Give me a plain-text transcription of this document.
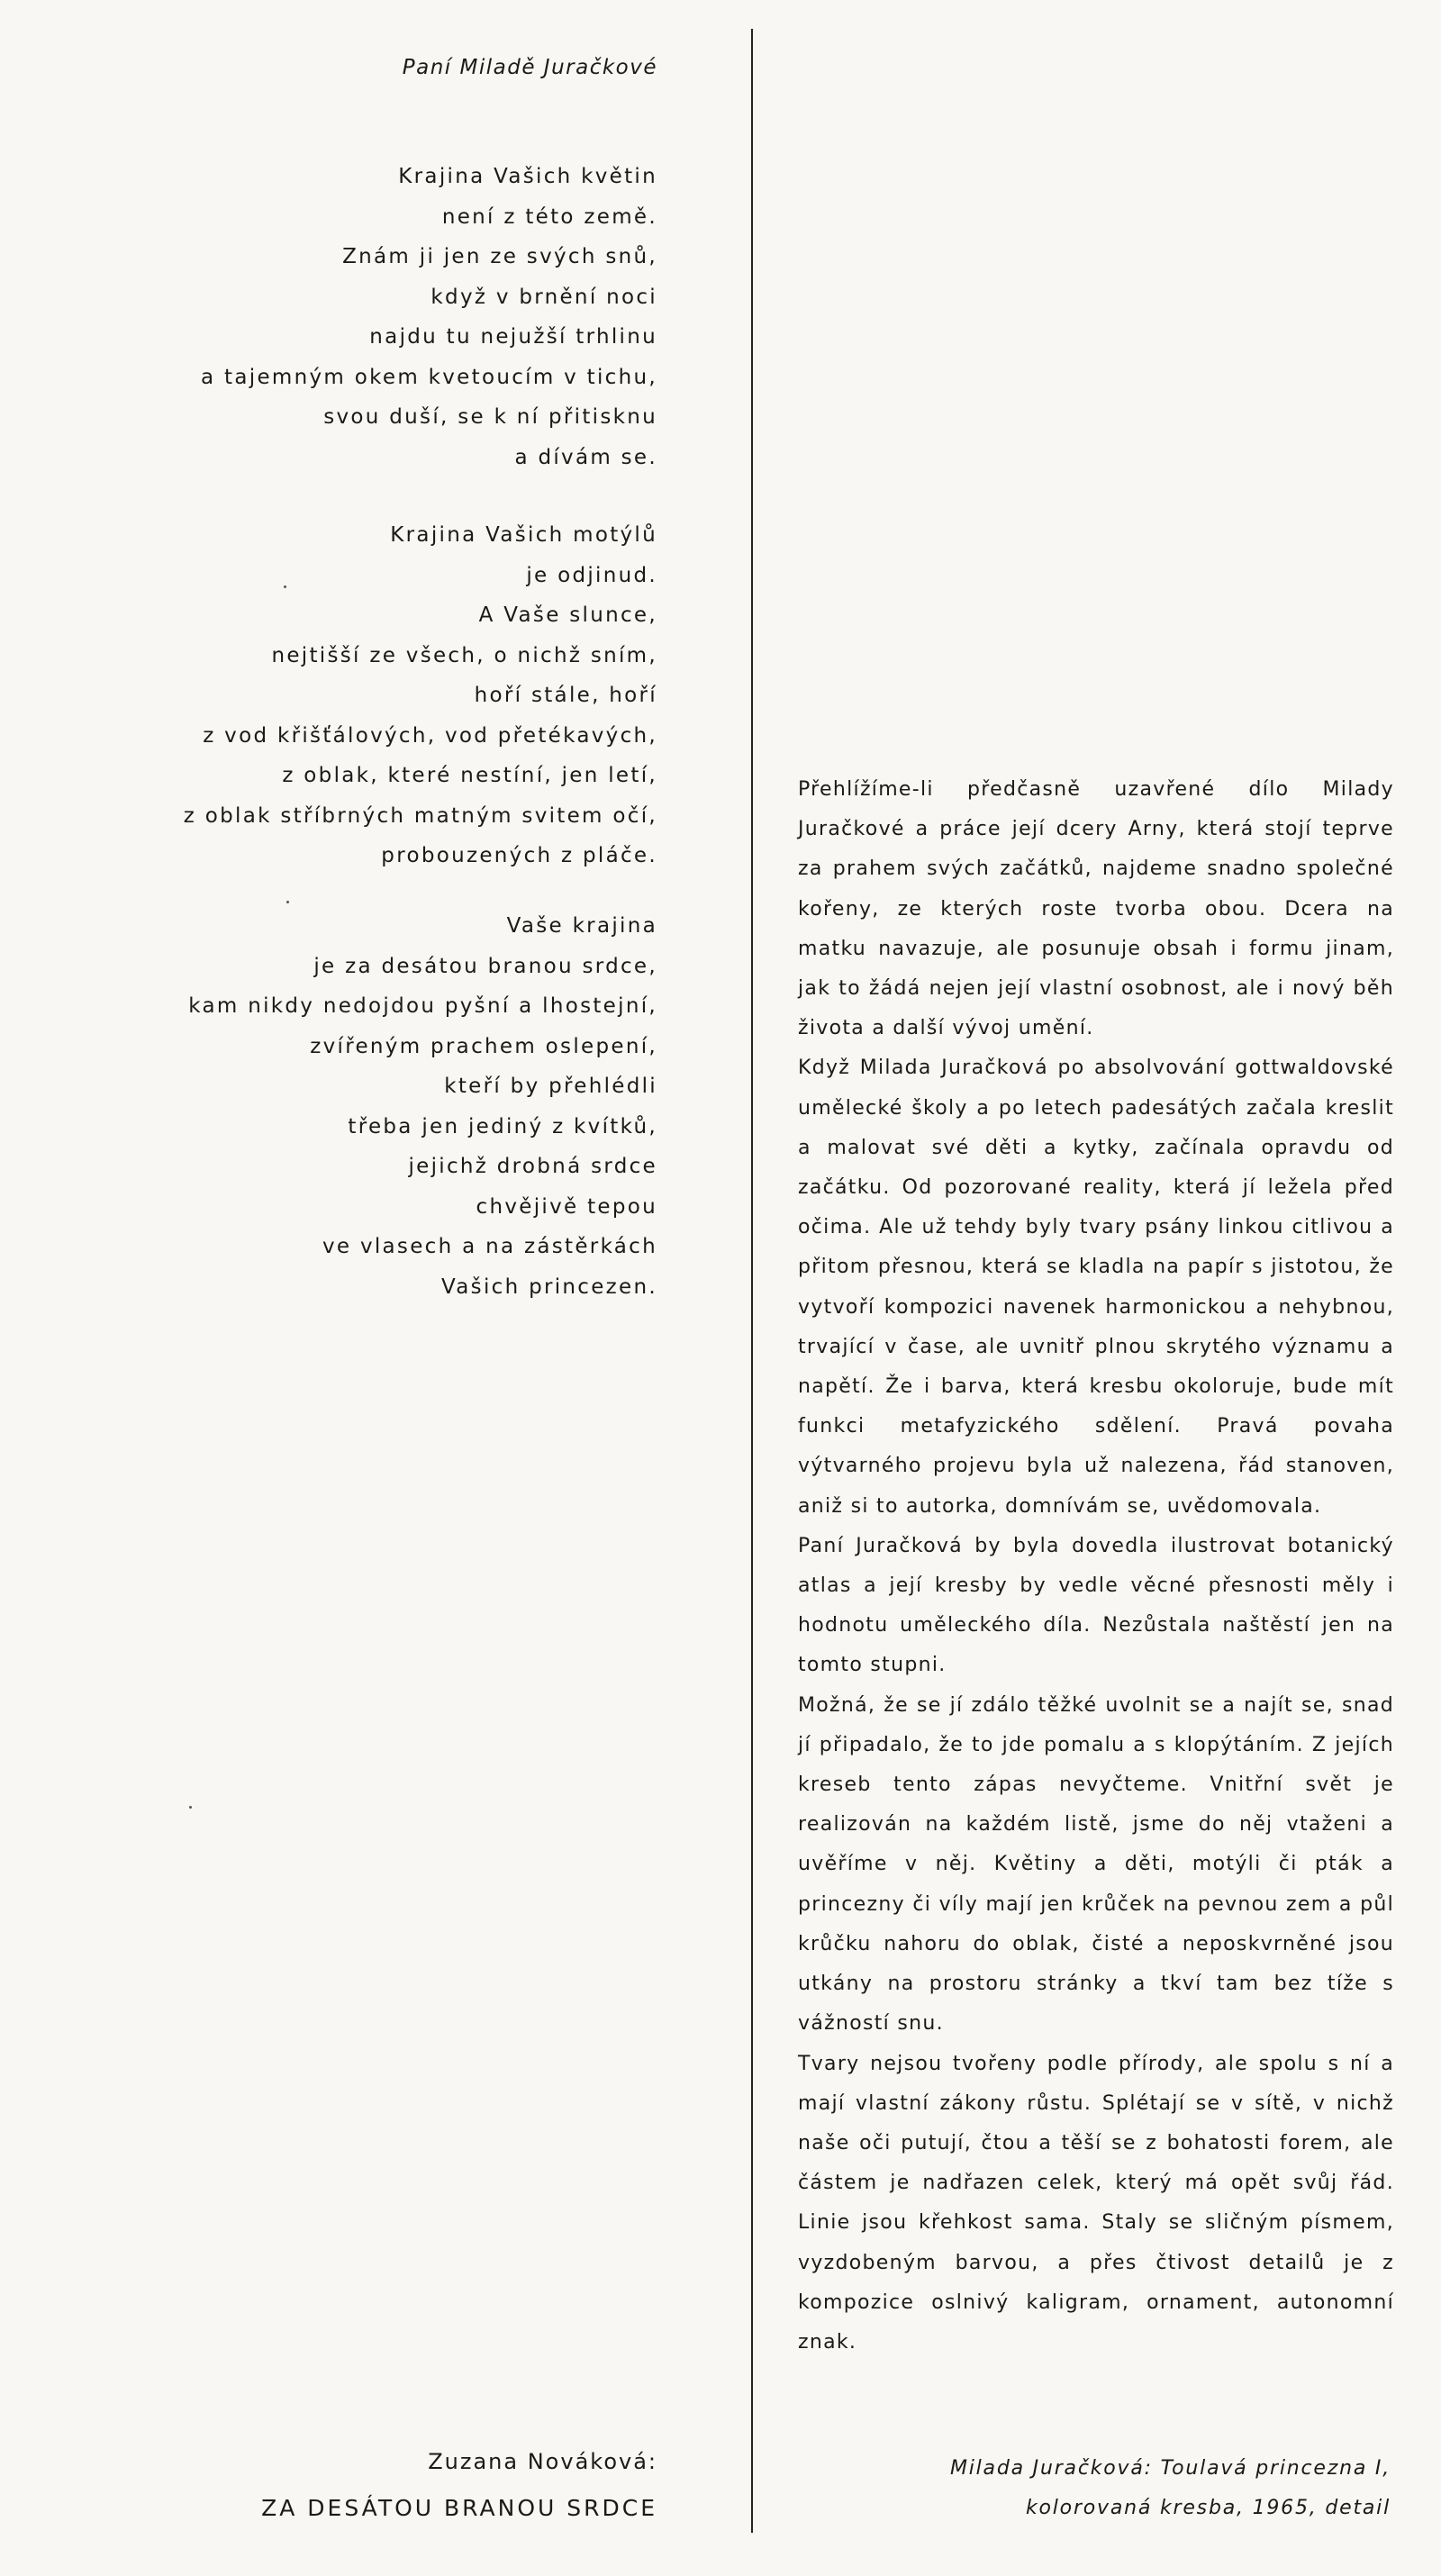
Paní Miladě Juračkové
Krajina Vašich květin
není z této země.
Znám ji jen ze svých snů,
když v brnění noci
najdu tu nejužší trhlinu
a tajemným okem kvetoucím v tichu,
svou duší, se k ní přitisknu
a dívám se.
Krajina Vašich motýlů
je odjinud.
A Vaše slunce,
nejtišší ze všech, o nichž sním,
hoří stále, hoří
z vod křišťálových, vod přetékavých,
z oblak, které nestíní, jen letí,
z oblak stříbrných matným svitem očí,
probouzených z pláče.
Vaše krajina
je za desátou branou srdce,
kam nikdy nedojdou pyšní a lhostejní,
zvířeným prachem oslepení,
kteří by přehlédli
třeba jen jediný z kvítků,
jejichž drobná srdce
chvějivě tepou
ve vlasech a na zástěrkách
Vašich princezen.

Přehlížíme-li předčasně uzavřené dílo Milady Juračkové a práce její dcery Arny, která stojí teprve za prahem svých začátků, najdeme snadno společné kořeny, ze kterých roste tvorba obou. Dcera na matku navazuje, ale posunuje obsah i formu jinam, jak to žádá nejen její vlastní osobnost, ale i nový běh života a další vývoj umění.

Když Milada Juračková po absolvování gottwaldovské umělecké školy a po letech padesátých začala kreslit a malovat své děti a kytky, začínala opravdu od začátku. Od pozorované reality, která jí ležela před očima. Ale už tehdy byly tvary psány linkou citlivou a přitom přesnou, která se kladla na papír s jistotou, že vytvoří kompozici navenek harmonickou a nehybnou, trvající v čase, ale uvnitř plnou skrytého významu a napětí. Že i barva, která kresbu okoloruje, bude mít funkci metafyzického sdělení. Pravá povaha výtvarného projevu byla už nalezena, řád stanoven, aniž si to autorka, domnívám se, uvědomovala.

Paní Juračková by byla dovedla ilustrovat botanický atlas a její kresby by vedle věcné přesnosti měly i hodnotu uměleckého díla. Nezůstala naštěstí jen na tomto stupni.

Možná, že se jí zdálo těžké uvolnit se a najít se, snad jí připadalo, že to jde pomalu a s klopýtáním. Z jejích kreseb tento zápas nevyčteme. Vnitřní svět je realizován na každém listě, jsme do něj vtaženi a uvěříme v něj. Květiny a děti, motýli či pták a princezny či víly mají jen krůček na pevnou zem a půl krůčku nahoru do oblak, čisté a neposkvrněné jsou utkány na prostoru stránky a tkví tam bez tíže s vážností snu.

Tvary nejsou tvořeny podle přírody, ale spolu s ní a mají vlastní zákony růstu. Splétají se v sítě, v nichž naše oči putují, čtou a těší se z bohatosti forem, ale částem je nadřazen celek, který má opět svůj řád. Linie jsou křehkost sama. Staly se sličným písmem, vyzdobeným barvou, a přes čtivost detailů je z kompozice oslnivý kaligram, ornament, autonomní znak.

Zuzana Nováková:
ZA DESÁTOU BRANOU SRDCE
Milada Juračková: Toulavá princezna I,
kolorovaná kresba, 1965, detail
